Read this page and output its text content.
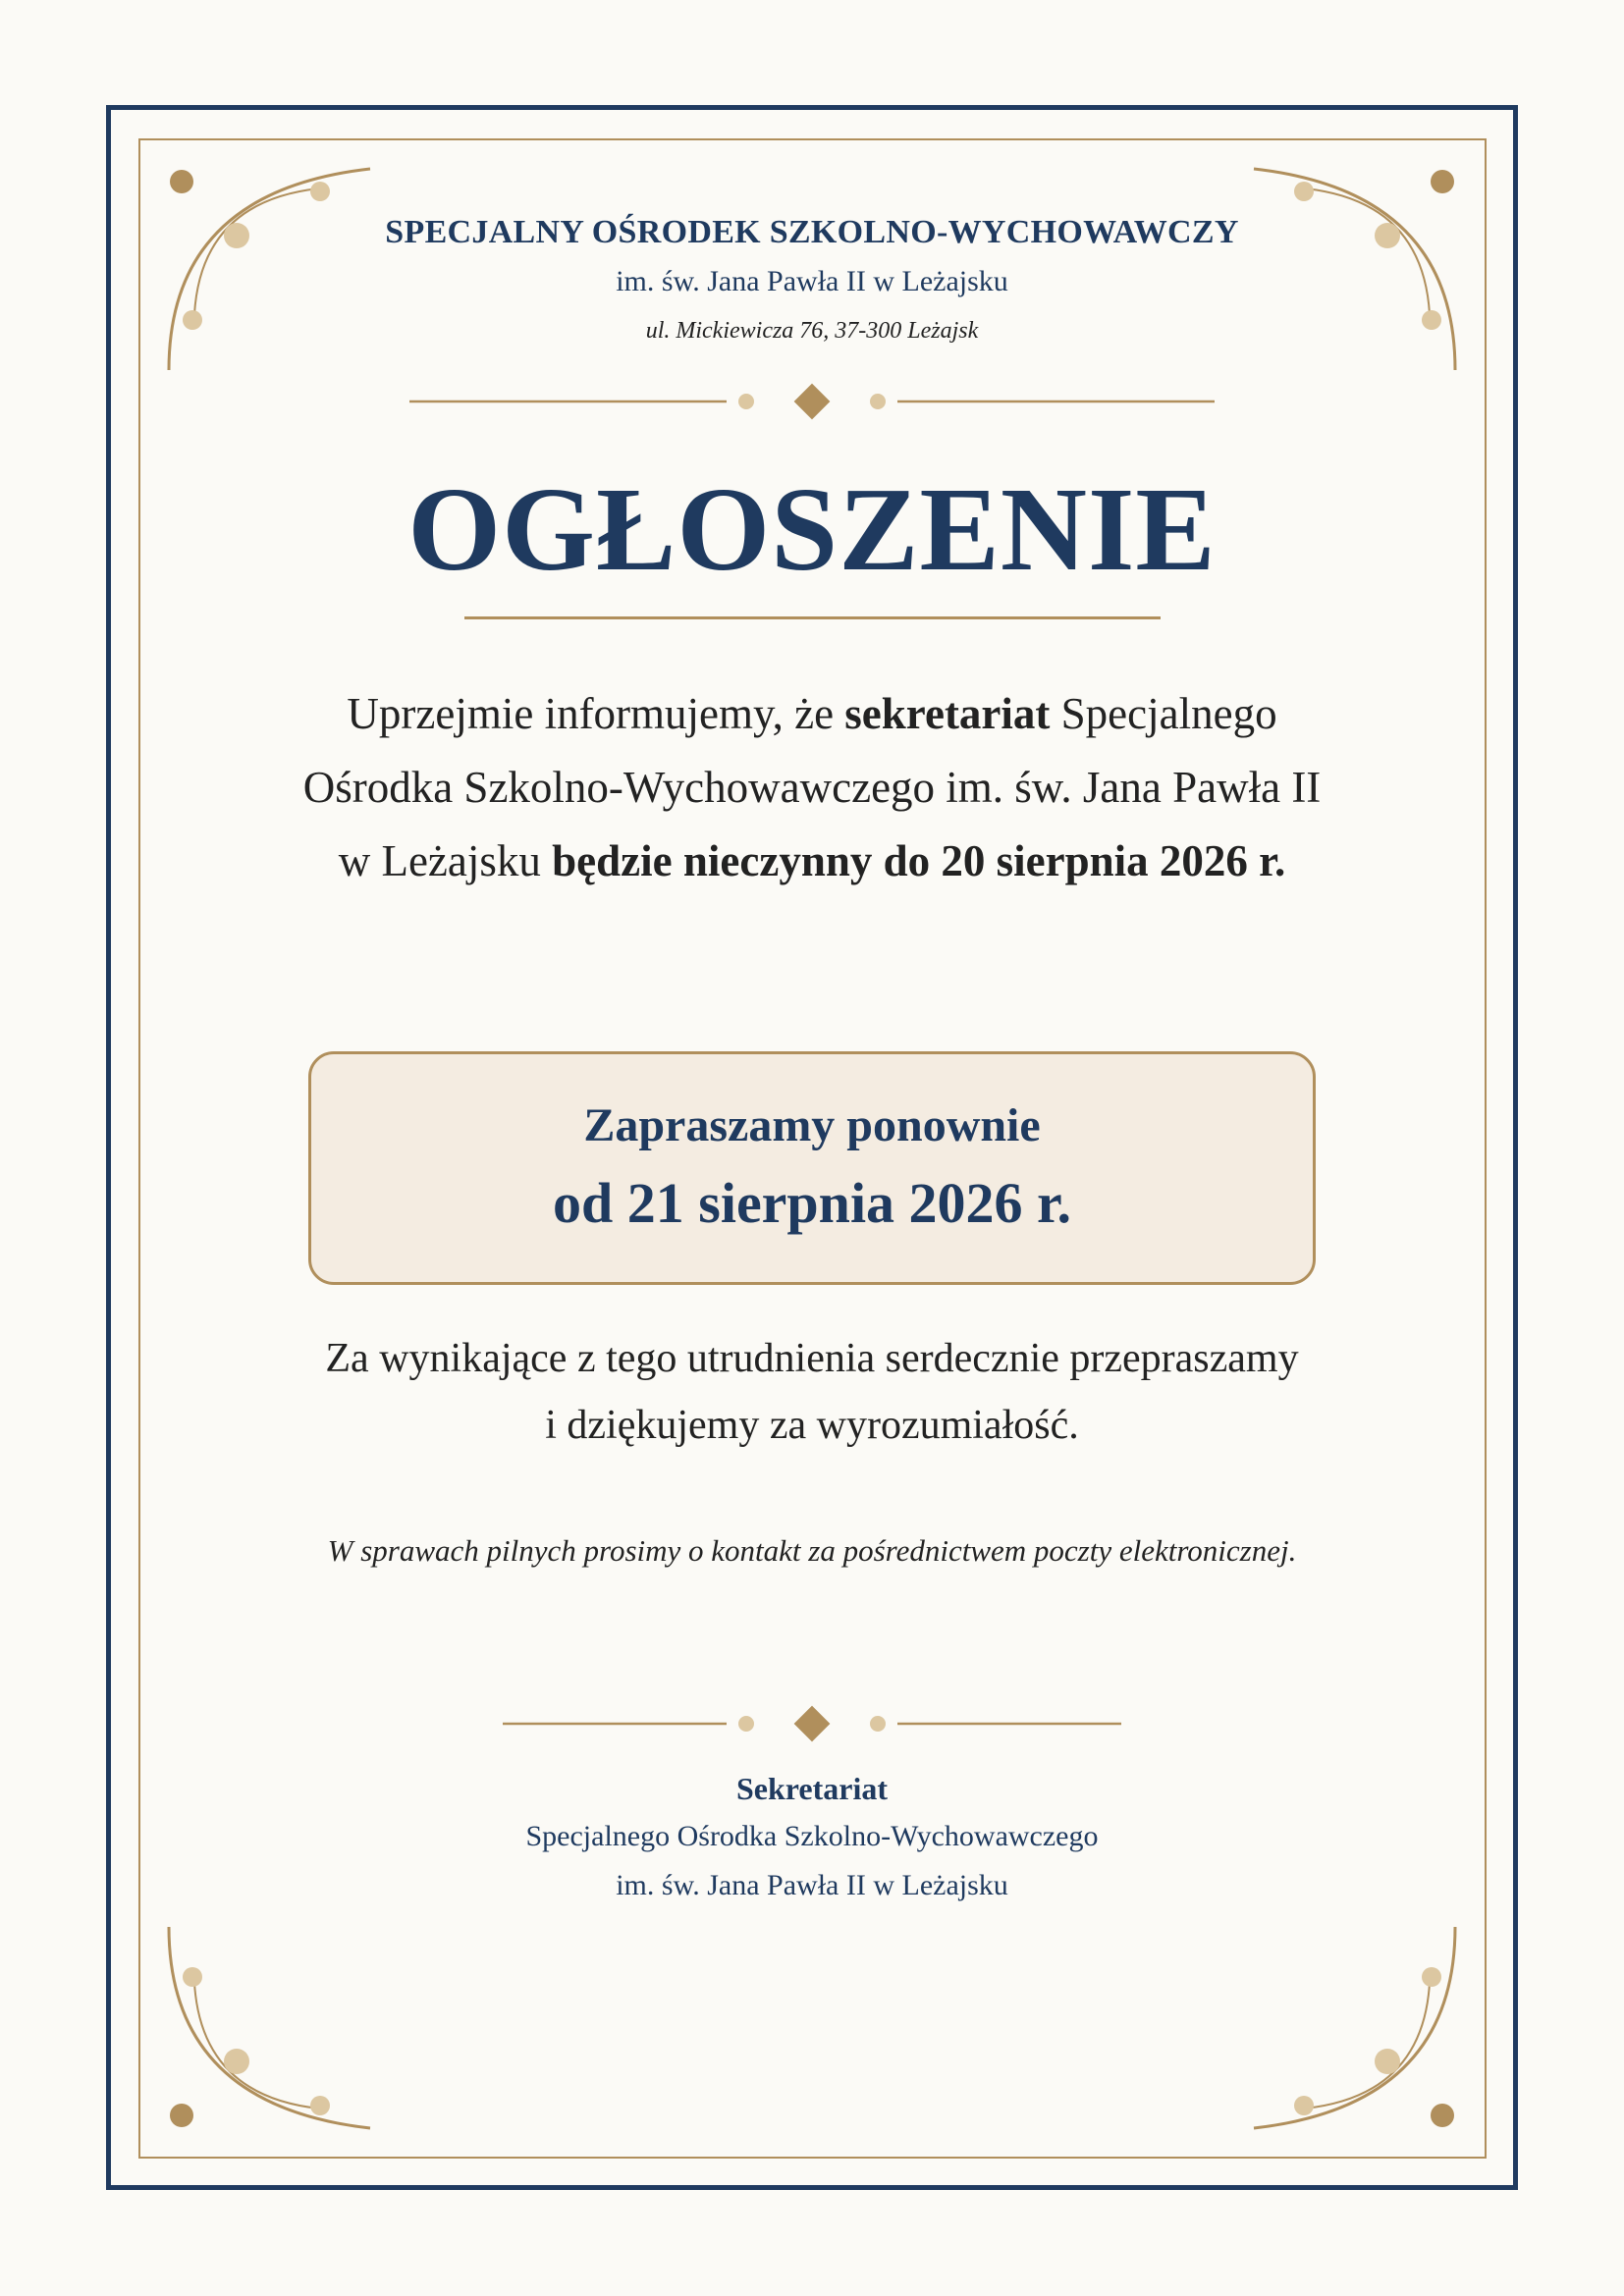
SPECJALNY OŚRODEK SZKOLNO-WYCHOWAWCZY
im. św. Jana Pawła II w Leżajsku
ul. Mickiewicza 76, 37-300 Leżajsk
OGŁOSZENIE
Uprzejmie informujemy, że sekretariat Specjalnego
Ośrodka Szkolno-Wychowawczego im. św. Jana Pawła II
w Leżajsku będzie nieczynny do 20 sierpnia 2026 r.
Zapraszamy ponownie
od 21 sierpnia 2026 r.
Za wynikające z tego utrudnienia serdecznie przepraszamy
i dziękujemy za wyrozumiałość.
W sprawach pilnych prosimy o kontakt za pośrednictwem poczty elektronicznej.
Sekretariat
Specjalnego Ośrodka Szkolno-Wychowawczego
im. św. Jana Pawła II w Leżajsku
